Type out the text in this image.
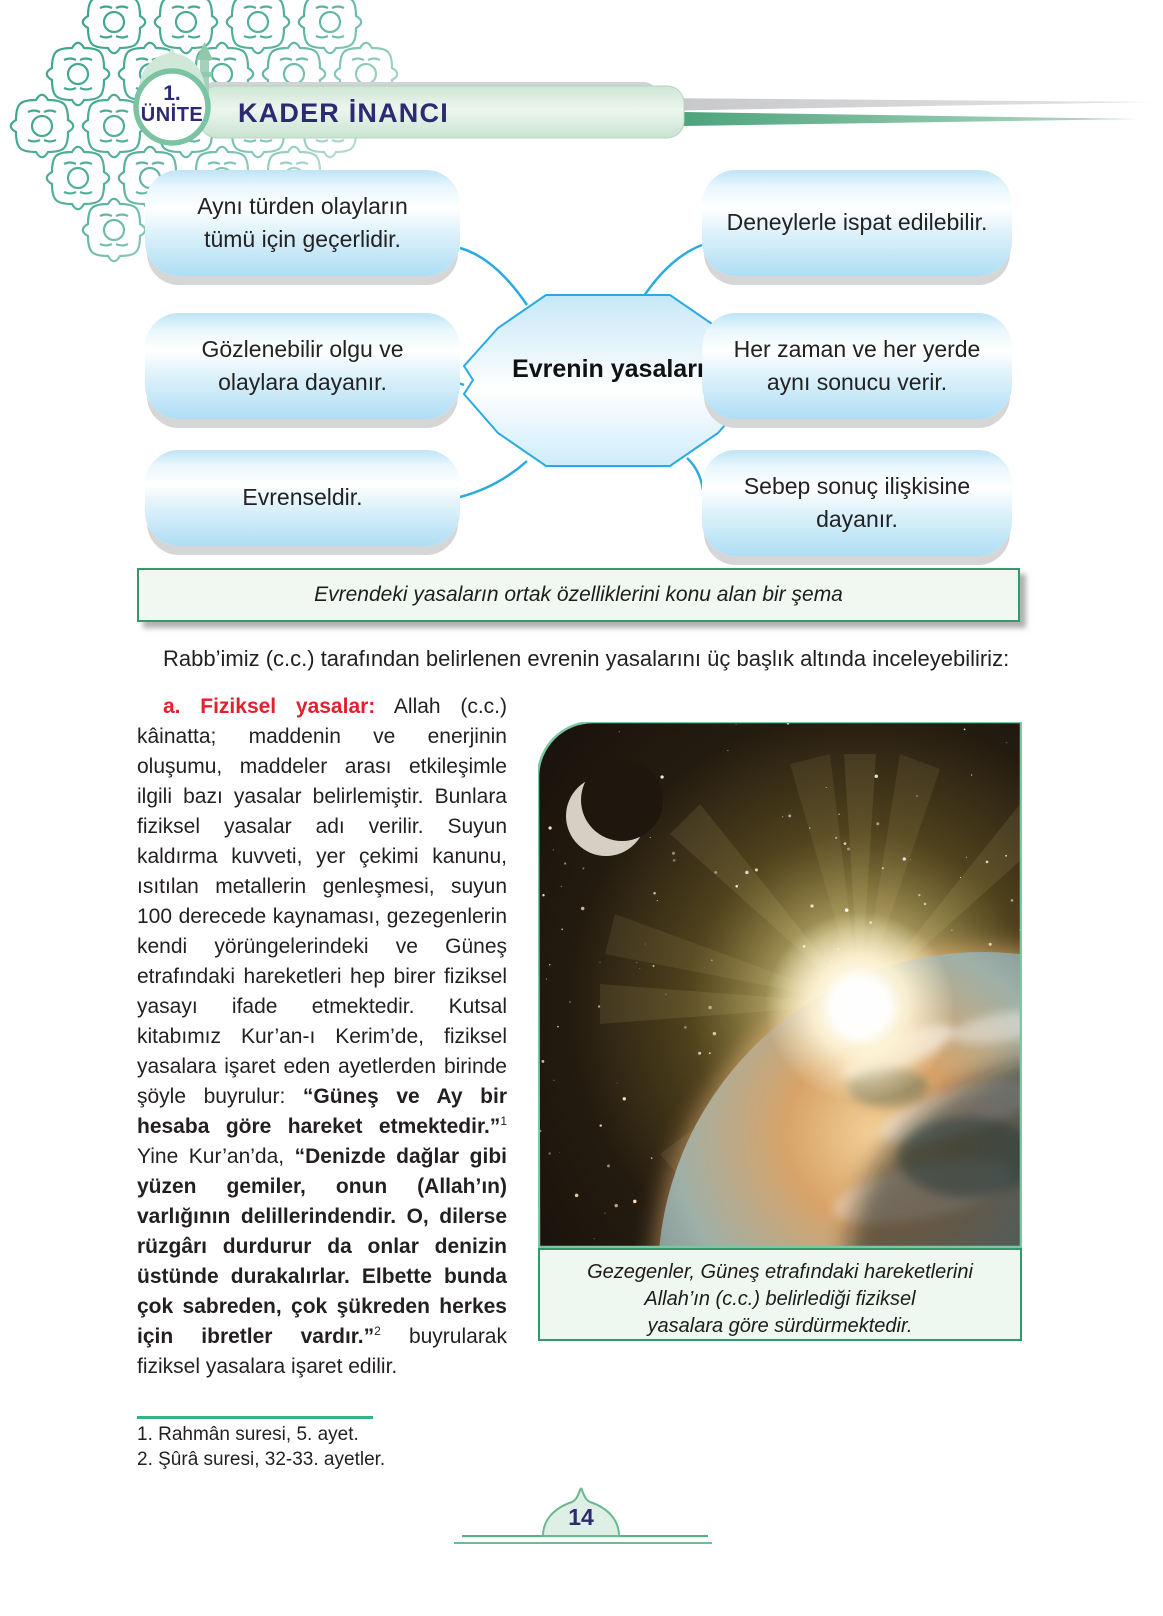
1.
ÜNİTE KADER İNANCI
Aynı türden olayların tümü için geçerlidir.
Gözlenebilir olgu ve olaylara dayanır.
Evrenseldir.
Deneylerle ispat edilebilir.
Her zaman ve her yerde aynı sonucu verir.
Sebep sonuç ilişkisine dayanır.
Evrenin yasaları
Evrendeki yasaların ortak özelliklerini konu alan bir şema

Rabb’imiz (c.c.) tarafından belirlenen evrenin yasalarını üç başlık altında inceleyebiliriz:

a. Fiziksel yasalar: Allah (c.c.) kâinatta; maddenin ve enerjinin oluşumu, maddeler arası etkileşimle ilgili bazı yasalar belirlemiştir. Bunlara fiziksel yasalar adı verilir. Suyun kaldırma kuvveti, yer çekimi kanunu, ısıtılan metallerin genleşmesi, suyun 100 derecede kaynaması, gezegenlerin kendi yörüngelerindeki ve Güneş etrafındaki hareketleri hep birer fiziksel yasayı ifade etmektedir. Kutsal kitabımız Kur’an-ı Kerim’de, fiziksel yasalara işaret eden ayetlerden birinde şöyle buyrulur: “Güneş ve Ay bir hesaba göre hareket etmektedir.”$^1$ Yine Kur’an’da, “Denizde dağlar gibi yüzen gemiler, onun (Allah’ın) varlığının delillerindendir. O, dilerse rüzgârı durdurur da onlar denizin üstünde durakalırlar. Elbette bunda çok sabreden, çok şükreden herkes için ibretler vardır.”$^2$ buyrularak fiziksel yasalara işaret edilir.

Gezegenler, Güneş etrafındaki hareketlerini
Allah’ın (c.c.) belirlediği fiziksel
yasalara göre sürdürmektedir.
1. Rahmân suresi, 5. ayet.
2. Şûrâ suresi, 32-33. ayetler.
14
